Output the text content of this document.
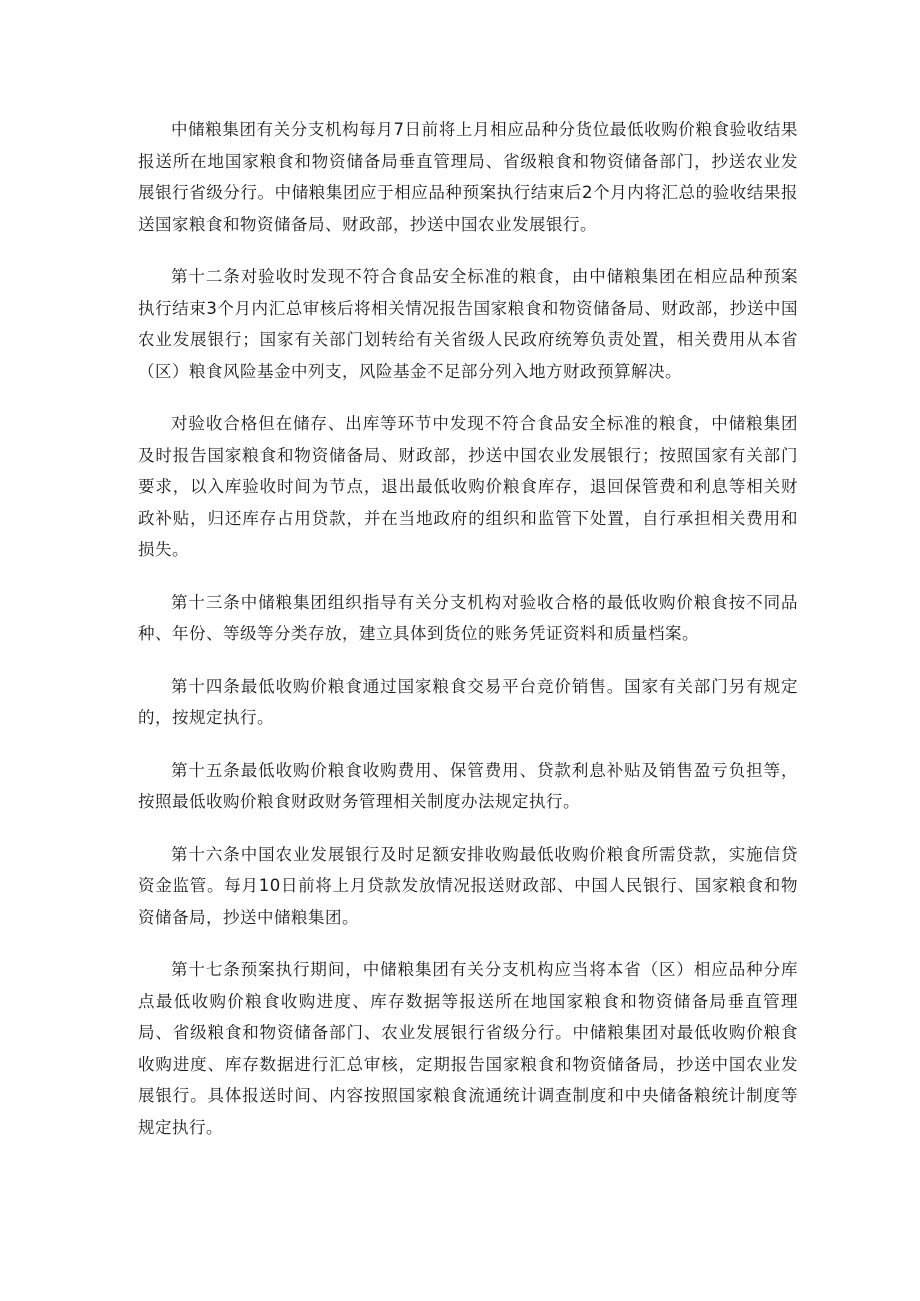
中储粮集团有关分支机构每月7日前将上月相应品种分货位最低收购价粮食验收结果报送所在地国家粮食和物资储备局垂直管理局、省级粮食和物资储备部门，抄送农业发展银行省级分行。中储粮集团应于相应品种预案执行结束后2个月内将汇总的验收结果报送国家粮食和物资储备局、财政部，抄送中国农业发展银行。

第十二条对验收时发现不符合食品安全标准的粮食，由中储粮集团在相应品种预案执行结束3个月内汇总审核后将相关情况报告国家粮食和物资储备局、财政部，抄送中国农业发展银行；国家有关部门划转给有关省级人民政府统筹负责处置，相关费用从本省（区）粮食风险基金中列支，风险基金不足部分列入地方财政预算解决。

对验收合格但在储存、出库等环节中发现不符合食品安全标准的粮食，中储粮集团及时报告国家粮食和物资储备局、财政部，抄送中国农业发展银行；按照国家有关部门要求，以入库验收时间为节点，退出最低收购价粮食库存，退回保管费和利息等相关财政补贴，归还库存占用贷款，并在当地政府的组织和监管下处置，自行承担相关费用和损失。

第十三条中储粮集团组织指导有关分支机构对验收合格的最低收购价粮食按不同品种、年份、等级等分类存放，建立具体到货位的账务凭证资料和质量档案。

第十四条最低收购价粮食通过国家粮食交易平台竞价销售。国家有关部门另有规定的，按规定执行。

第十五条最低收购价粮食收购费用、保管费用、贷款利息补贴及销售盈亏负担等，按照最低收购价粮食财政财务管理相关制度办法规定执行。

第十六条中国农业发展银行及时足额安排收购最低收购价粮食所需贷款，实施信贷资金监管。每月10日前将上月贷款发放情况报送财政部、中国人民银行、国家粮食和物资储备局，抄送中储粮集团。

第十七条预案执行期间，中储粮集团有关分支机构应当将本省（区）相应品种分库点最低收购价粮食收购进度、库存数据等报送所在地国家粮食和物资储备局垂直管理局、省级粮食和物资储备部门、农业发展银行省级分行。中储粮集团对最低收购价粮食收购进度、库存数据进行汇总审核，定期报告国家粮食和物资储备局，抄送中国农业发展银行。具体报送时间、内容按照国家粮食流通统计调查制度和中央储备粮统计制度等规定执行。
